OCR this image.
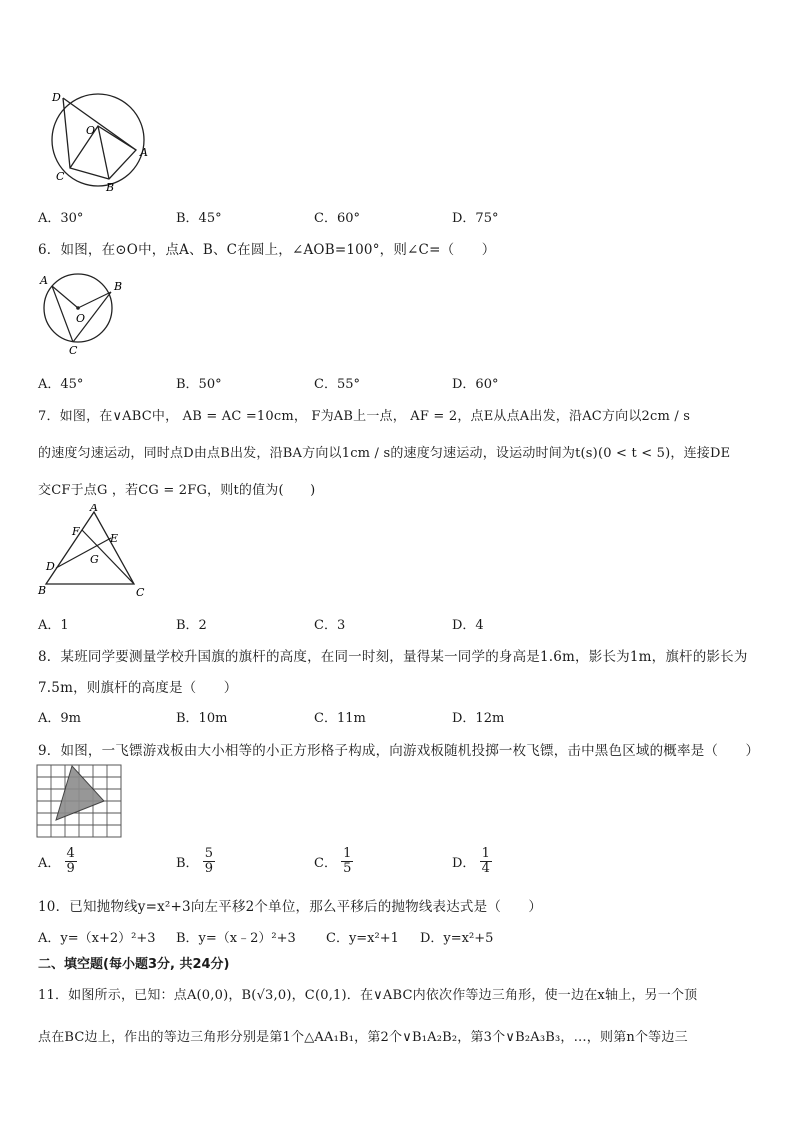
D
O
A
C
B
A．30°	B．45°	C．60°	D．75°
6．如图，在⊙O中，点A、B、C在圆上，∠AOB=100°，则∠C=（　　）
A	B
O
C
A．45°	B．50°	C．55°	D．60°
7．如图，在∨ABC中， AB = AC =10cm， F为AB上一点， AF = 2，点E从点A出发，沿AC方向以2cm / s
的速度匀速运动，同时点D由点B出发，沿BA方向以1cm / s的速度匀速运动，设运动时间为t(s)(0 < t < 5)，连接DE
交CF于点G ，若CG = 2FG，则t的值为(　　)
A
F
E
G
D
B	C
A．1	B．2	C．3	D．4
8．某班同学要测量学校升国旗的旗杆的高度，在同一时刻，量得某一同学的身高是1.6m，影长为1m，旗杆的影长为
7.5m，则旗杆的高度是（　　）
A．9m	B．10m	C．11m	D．12m
9．如图，一飞镖游戏板由大小相等的小正方形格子构成，向游戏板随机投掷一枚飞镖，击中黑色区域的概率是（　　）
A． $\frac{4}{9}$	B． $\frac{5}{9}$	C． $\frac{1}{5}$	D． $\frac{1}{4}$
10．已知抛物线y=x²+3向左平移2个单位，那么平移后的抛物线表达式是（　　）
A．y=（x+2）²+3 B．y=（x﹣2）²+3 C．y=x²+1 D．y=x²+5
二、填空题(每小题3分, 共24分)
11．如图所示，已知：点A(0,0)，B(√3,0)，C(0,1)．在∨ABC内依次作等边三角形，使一边在x轴上，另一个顶
点在BC边上，作出的等边三角形分别是第1个△AA₁B₁，第2个∨B₁A₂B₂，第3个∨B₂A₃B₃，…，则第n个等边三
